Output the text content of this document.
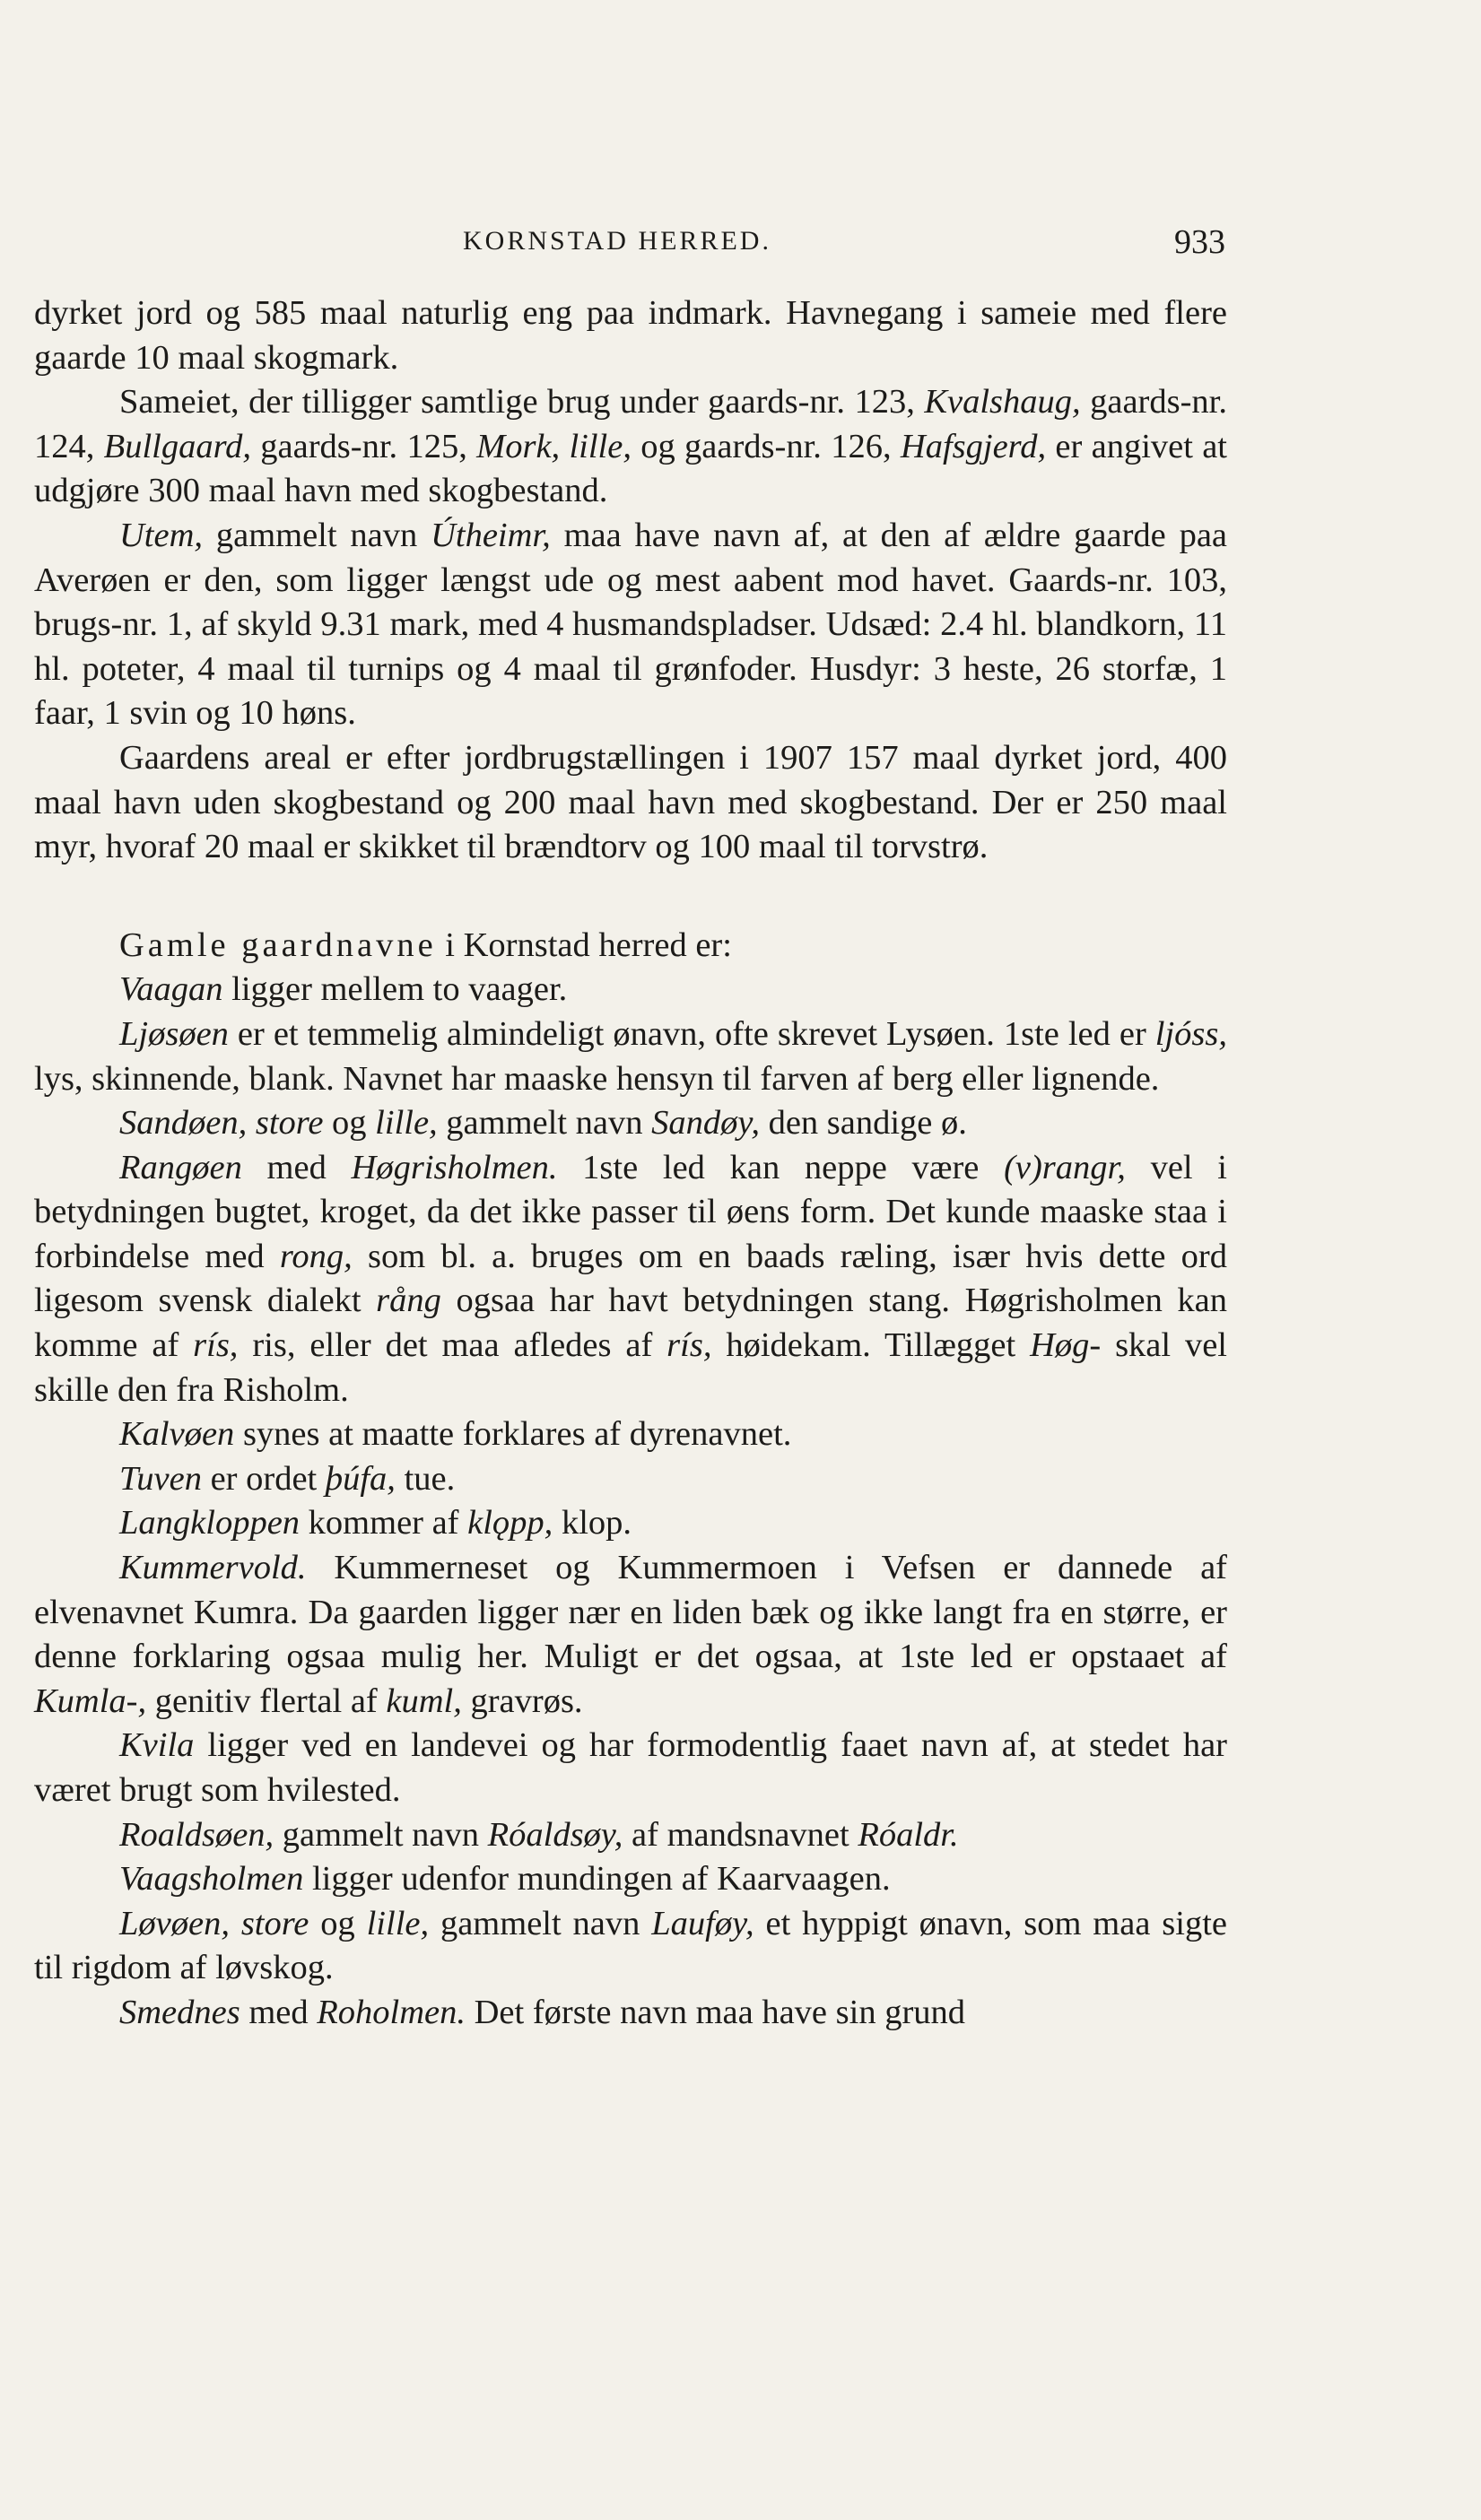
KORNSTAD HERRED.	933

dyrket jord og 585 maal naturlig eng paa indmark. Havnegang i sameie med flere gaarde 10 maal skogmark.

Sameiet, der tilligger samtlige brug under gaards-nr. 123, Kvalshaug, gaards-nr. 124, Bullgaard, gaards-nr. 125, Mork, lille, og gaards-nr. 126, Hafsgjerd, er angivet at udgjøre 300 maal havn med skogbestand.

Utem, gammelt navn Útheimr, maa have navn af, at den af ældre gaarde paa Averøen er den, som ligger længst ude og mest aabent mod havet. Gaards-nr. 103, brugs-nr. 1, af skyld 9.31 mark, med 4 husmandspladser. Udsæd: 2.4 hl. blandkorn, 11 hl. poteter, 4 maal til turnips og 4 maal til grønfoder. Husdyr: 3 heste, 26 storfæ, 1 faar, 1 svin og 10 høns.

Gaardens areal er efter jordbrugstællingen i 1907 157 maal dyrket jord, 400 maal havn uden skogbestand og 200 maal havn med skogbestand. Der er 250 maal myr, hvoraf 20 maal er skikket til brændtorv og 100 maal til torvstrø.

Gamle gaardnavne i Kornstad herred er:

Vaagan ligger mellem to vaager.

Ljøsøen er et temmelig almindeligt ønavn, ofte skrevet Lysøen. 1ste led er ljóss, lys, skinnende, blank. Navnet har maaske hensyn til farven af berg eller lignende.

Sandøen, store og lille, gammelt navn Sandøy, den sandige ø.

Rangøen med Høgrisholmen. 1ste led kan neppe være (v)rangr, vel i betydningen bugtet, kroget, da det ikke passer til øens form. Det kunde maaske staa i forbindelse med rong, som bl. a. bruges om en baads ræling, især hvis dette ord ligesom svensk dialekt rång ogsaa har havt betydningen stang. Høgrisholmen kan komme af rís, ris, eller det maa afledes af rís, høidekam. Tillægget Høg- skal vel skille den fra Risholm.

Kalvøen synes at maatte forklares af dyrenavnet.

Tuven er ordet þúfa, tue.

Langkloppen kommer af klǫpp, klop.

Kummervold. Kummerneset og Kummermoen i Vefsen er dannede af elvenavnet Kumra. Da gaarden ligger nær en liden bæk og ikke langt fra en større, er denne forklaring ogsaa mulig her. Muligt er det ogsaa, at 1ste led er opstaaet af Kumla-, genitiv flertal af kuml, gravrøs.

Kvila ligger ved en landevei og har formodentlig faaet navn af, at stedet har været brugt som hvilested.

Roaldsøen, gammelt navn Róaldsøy, af mandsnavnet Róaldr.

Vaagsholmen ligger udenfor mundingen af Kaarvaagen.

Løvøen, store og lille, gammelt navn Lauføy, et hyppigt ønavn, som maa sigte til rigdom af løvskog.

Smednes med Roholmen. Det første navn maa have sin grund
